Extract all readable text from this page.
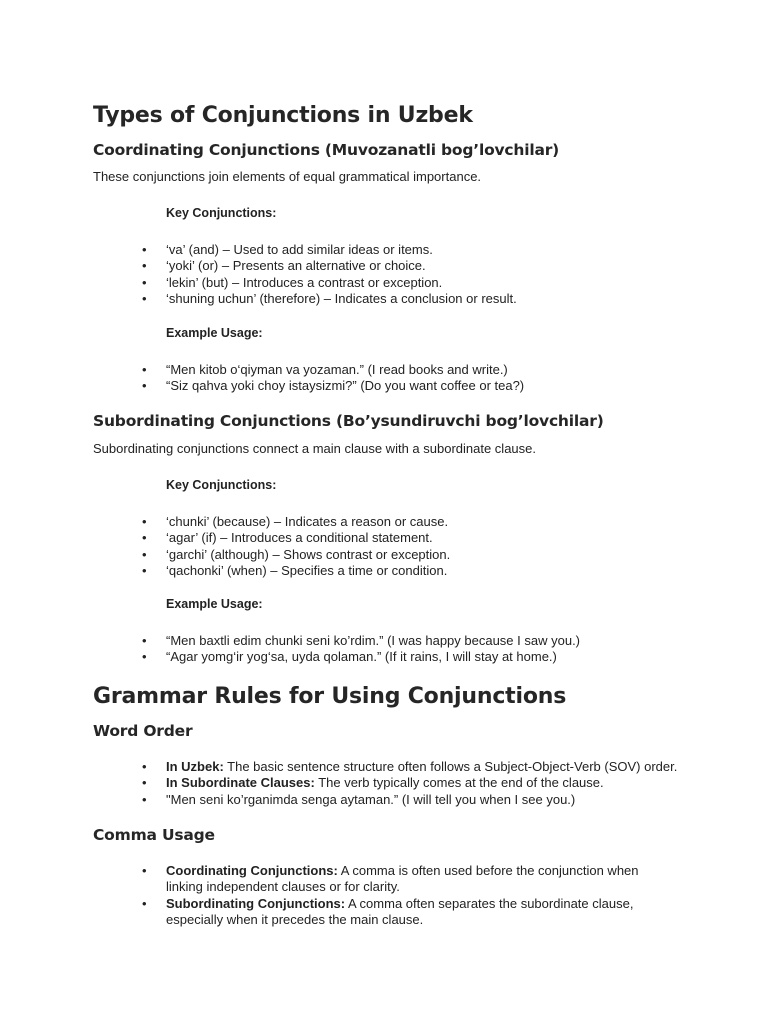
Types of Conjunctions in Uzbek
Coordinating Conjunctions (Muvozanatli bog’lovchilar)

These conjunctions join elements of equal grammatical importance.

Key Conjunctions:
• ‘va’ (and) – Used to add similar ideas or items.
• ‘yoki’ (or) – Presents an alternative or choice.
• ‘lekin’ (but) – Introduces a contrast or exception.
• ‘shuning uchun’ (therefore) – Indicates a conclusion or result.
Example Usage:
• “Men kitob o‘qiyman va yozaman.” (I read books and write.)
• “Siz qahva yoki choy istaysizmi?” (Do you want coffee or tea?)
Subordinating Conjunctions (Bo’ysundiruvchi bog’lovchilar)

Subordinating conjunctions connect a main clause with a subordinate clause.

Key Conjunctions:
• ‘chunki’ (because) – Indicates a reason or cause.
• ‘agar’ (if) – Introduces a conditional statement.
• ‘garchi’ (although) – Shows contrast or exception.
• ‘qachonki’ (when) – Specifies a time or condition.
Example Usage:
• “Men baxtli edim chunki seni ko’rdim.” (I was happy because I saw you.)
• “Agar yomg‘ir yog‘sa, uyda qolaman.” (If it rains, I will stay at home.)
Grammar Rules for Using Conjunctions
Word Order
• In Uzbek: The basic sentence structure often follows a Subject-Object-Verb (SOV) order.
• In Subordinate Clauses: The verb typically comes at the end of the clause.
• "Men seni ko’rganimda senga aytaman.” (I will tell you when I see you.)
Comma Usage
• Coordinating Conjunctions: A comma is often used before the conjunction when linking independent clauses or for clarity.
• Subordinating Conjunctions: A comma often separates the subordinate clause, especially when it precedes the main clause.
